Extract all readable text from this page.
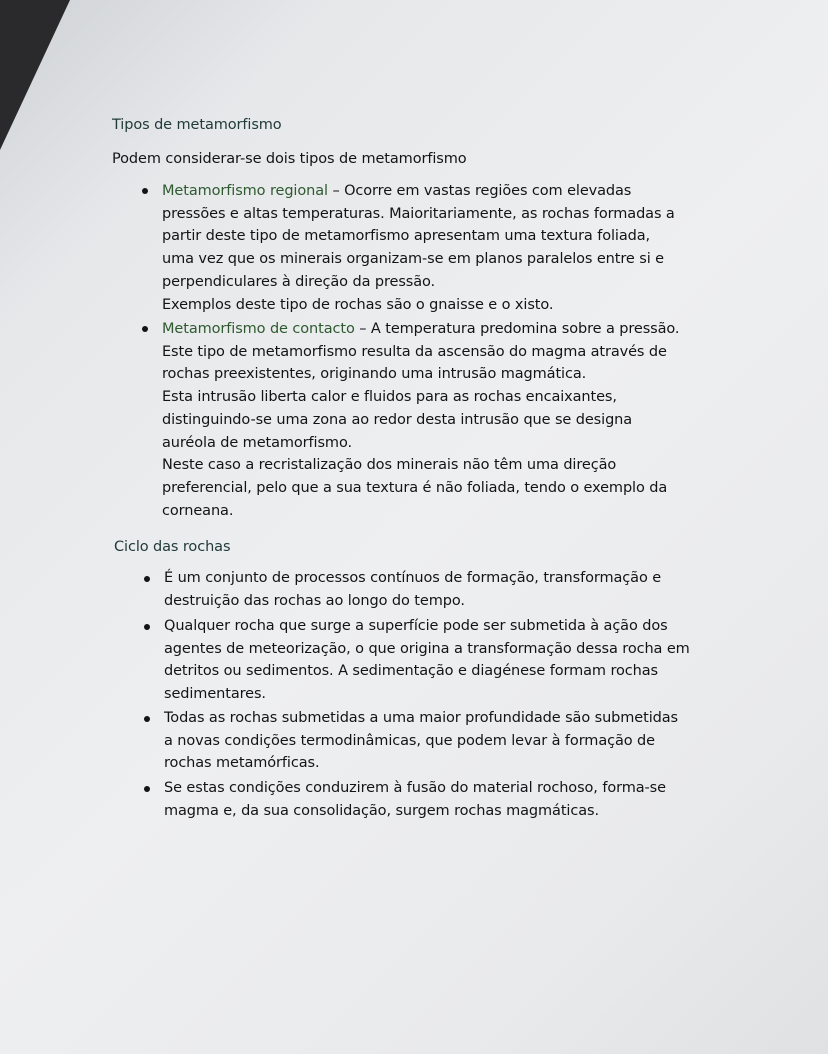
Tipos de metamorfismo
Podem considerar-se dois tipos de metamorfismo
Metamorfismo regional – Ocorre em vastas regiões com elevadas
pressões e altas temperaturas. Maioritariamente, as rochas formadas a
partir deste tipo de metamorfismo apresentam uma textura foliada,
uma vez que os minerais organizam-se em planos paralelos entre si e
perpendiculares à direção da pressão.
Exemplos deste tipo de rochas são o gnaisse e o xisto.
Metamorfismo de contacto – A temperatura predomina sobre a pressão.
Este tipo de metamorfismo resulta da ascensão do magma através de
rochas preexistentes, originando uma intrusão magmática.
Esta intrusão liberta calor e fluidos para as rochas encaixantes,
distinguindo-se uma zona ao redor desta intrusão que se designa
auréola de metamorfismo.
Neste caso a recristalização dos minerais não têm uma direção
preferencial, pelo que a sua textura é não foliada, tendo o exemplo da
corneana.
Ciclo das rochas
É um conjunto de processos contínuos de formação, transformação e
destruição das rochas ao longo do tempo.
Qualquer rocha que surge a superfície pode ser submetida à ação dos
agentes de meteorização, o que origina a transformação dessa rocha em
detritos ou sedimentos. A sedimentação e diagénese formam rochas
sedimentares.
Todas as rochas submetidas a uma maior profundidade são submetidas
a novas condições termodinâmicas, que podem levar à formação de
rochas metamórficas.
Se estas condições conduzirem à fusão do material rochoso, forma-se
magma e, da sua consolidação, surgem rochas magmáticas.
